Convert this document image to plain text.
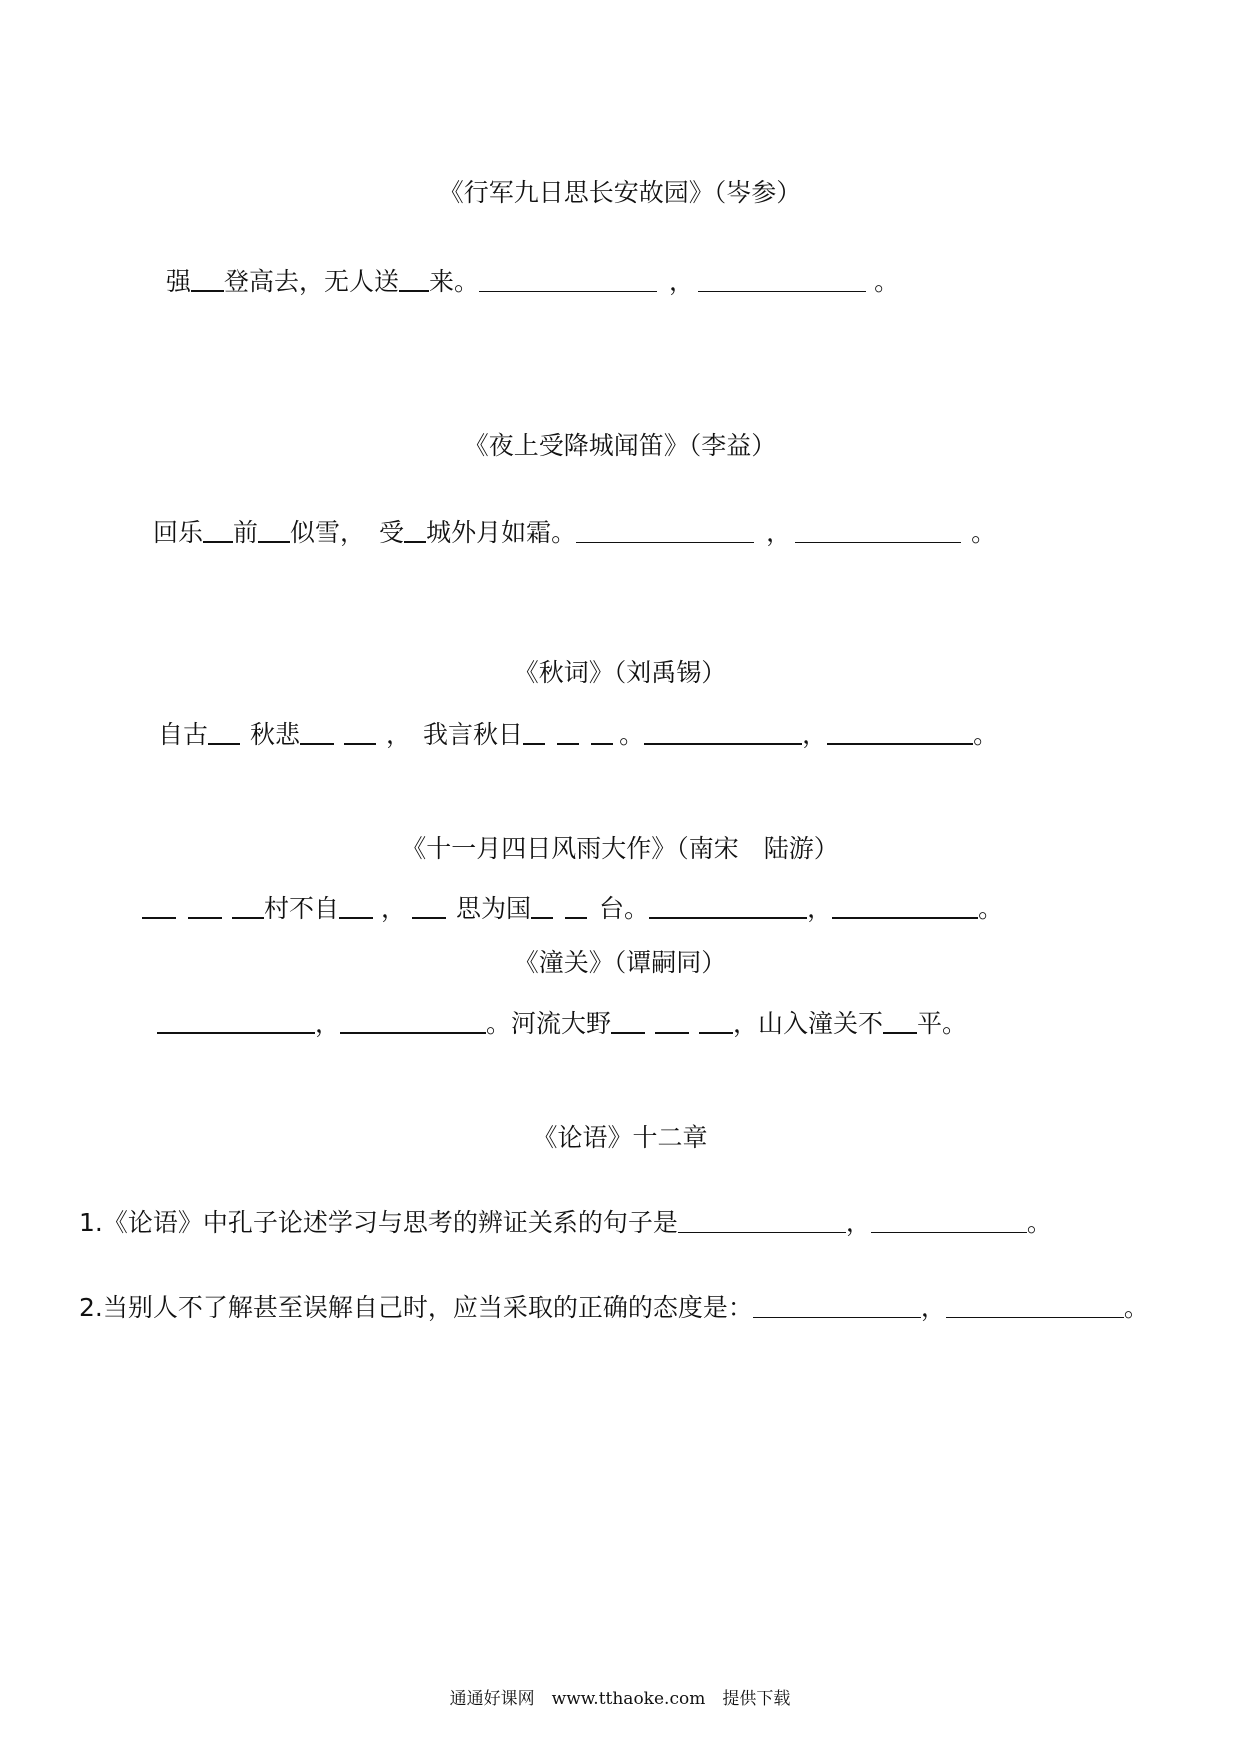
《行军九日思长安故园》（岑参）
强 登高去，无人送 来。	，	。
《夜上受降城闻笛》（李益）
回乐 前 似雪， 受 城外月如霜。	，	。
《秋词》（刘禹锡）
自古 秋悲	， 我言秋日	。	，	。
《十一月四日风雨大作》（南宋　陆游）
村不自 ， 思为国	台。	，	。
《潼关》（谭嗣同）
，	。河流大野	，山入潼关不 平。
《论语》十二章
1.《论语》中孔子论述学习与思考的辨证关系的句子是	，	。
2.当别人不了解甚至误解自己时，应当采取的正确的态度是：	，	。
通通好课网　www.tthaoke.com　提供下载
